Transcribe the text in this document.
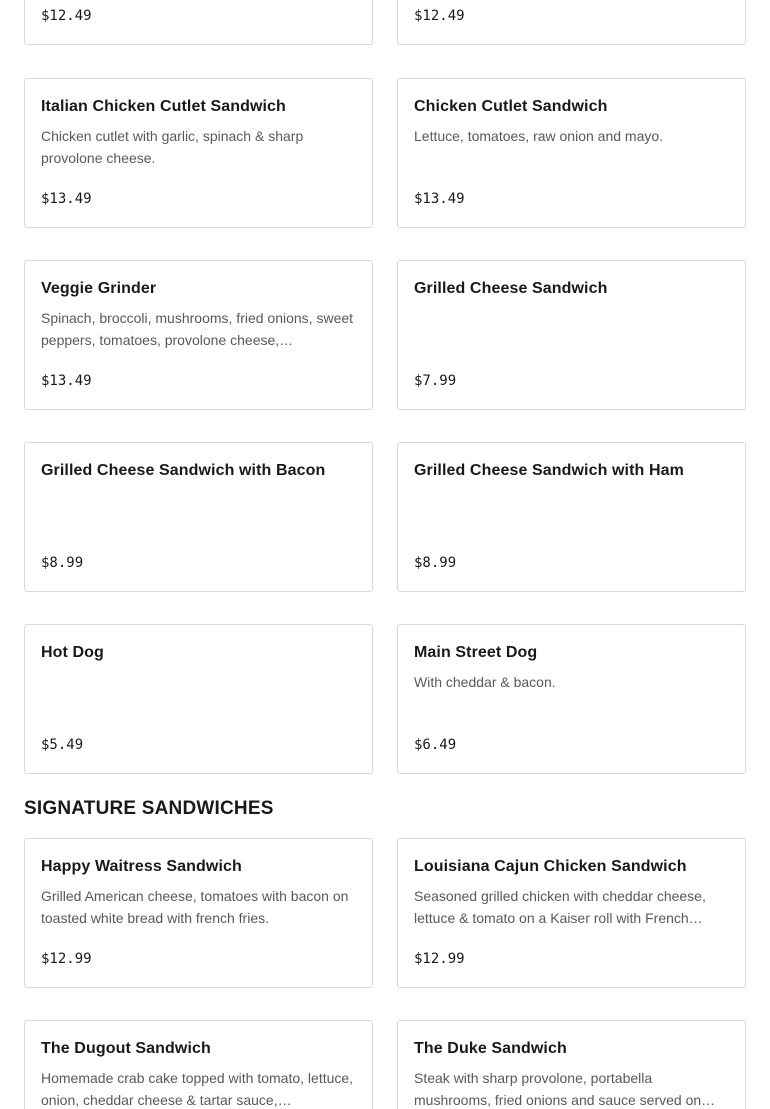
$12.49	$12.49
Italian Chicken Cutlet Sandwich
Chicken cutlet with garlic, spinach & sharp provolone cheese.
$13.49
Chicken Cutlet Sandwich
Lettuce, tomatoes, raw onion and mayo.
$13.49
Veggie Grinder
Spinach, broccoli, mushrooms, fried onions, sweet peppers, tomatoes, provolone cheese,…
$13.49
Grilled Cheese Sandwich
$7.99
Grilled Cheese Sandwich with Bacon
$8.99
Grilled Cheese Sandwich with Ham
$8.99
Hot Dog
$5.49
Main Street Dog
With cheddar & bacon.
$6.49
SIGNATURE SANDWICHES
Happy Waitress Sandwich
Grilled American cheese, tomatoes with bacon on toasted white bread with french fries.
$12.99
Louisiana Cajun Chicken Sandwich
Seasoned grilled chicken with cheddar cheese, lettuce & tomato on a Kaiser roll with French…
$12.99
The Dugout Sandwich
Homemade crab cake topped with tomato, lettuce, onion, cheddar cheese & tartar sauce,…
The Duke Sandwich
Steak with sharp provolone, portabella mushrooms, fried onions and sauce served on…
